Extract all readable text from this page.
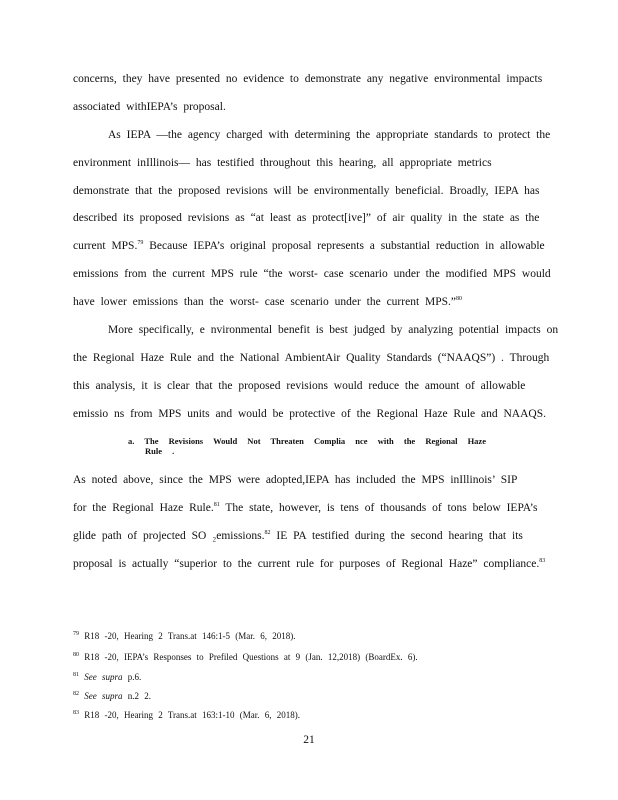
concerns, they have presented no evidence to demonstrate any negative environmental impacts
associated withIEPA’s proposal.
As IEPA —the agency charged with determining the appropriate standards to protect the
environment inIllinois— has testified throughout this hearing, all appropriate metrics
demonstrate that the proposed revisions will be environmentally beneficial. Broadly, IEPA has
described its proposed revisions as “at least as protect[ive]” of air quality in the state as the
current MPS.$^{79}$ Because IEPA’s original proposal represents a substantial reduction in allowable
emissions from the current MPS rule “the worst- case scenario under the modified MPS would
have lower emissions than the worst- case scenario under the current MPS.”$^{80}$
More specifically, e nvironmental benefit is best judged by analyzing potential impacts on
the Regional Haze Rule and the National AmbientAir Quality Standards (“NAAQS”) . Through
this analysis, it is clear that the proposed revisions would reduce the amount of allowable
emissio ns from MPS units and would be protective of the Regional Haze Rule and NAAQS.
a. The Revisions Would Not Threaten Complia nce with the Regional Haze
Rule .
As noted above, since the MPS were adopted,IEPA has included the MPS inIllinois’ SIP
for the Regional Haze Rule.$^{81}$ The state, however, is tens of thousands of tons below IEPA’s
glide path of projected SO ₂emissions.$^{82}$ IE PA testified during the second hearing that its
proposal is actually “superior to the current rule for purposes of Regional Haze” compliance.$^{83}$
$^{79}$ R18 -20, Hearing 2 Trans.at 146:1-5 (Mar. 6, 2018).
$^{80}$ R18 -20, IEPA’s Responses to Prefiled Questions at 9 (Jan. 12,2018) (BoardEx. 6).
$^{81}$ See supra p.6.
$^{82}$ See supra n.2 2.
$^{83}$ R18 -20, Hearing 2 Trans.at 163:1-10 (Mar. 6, 2018).
21
